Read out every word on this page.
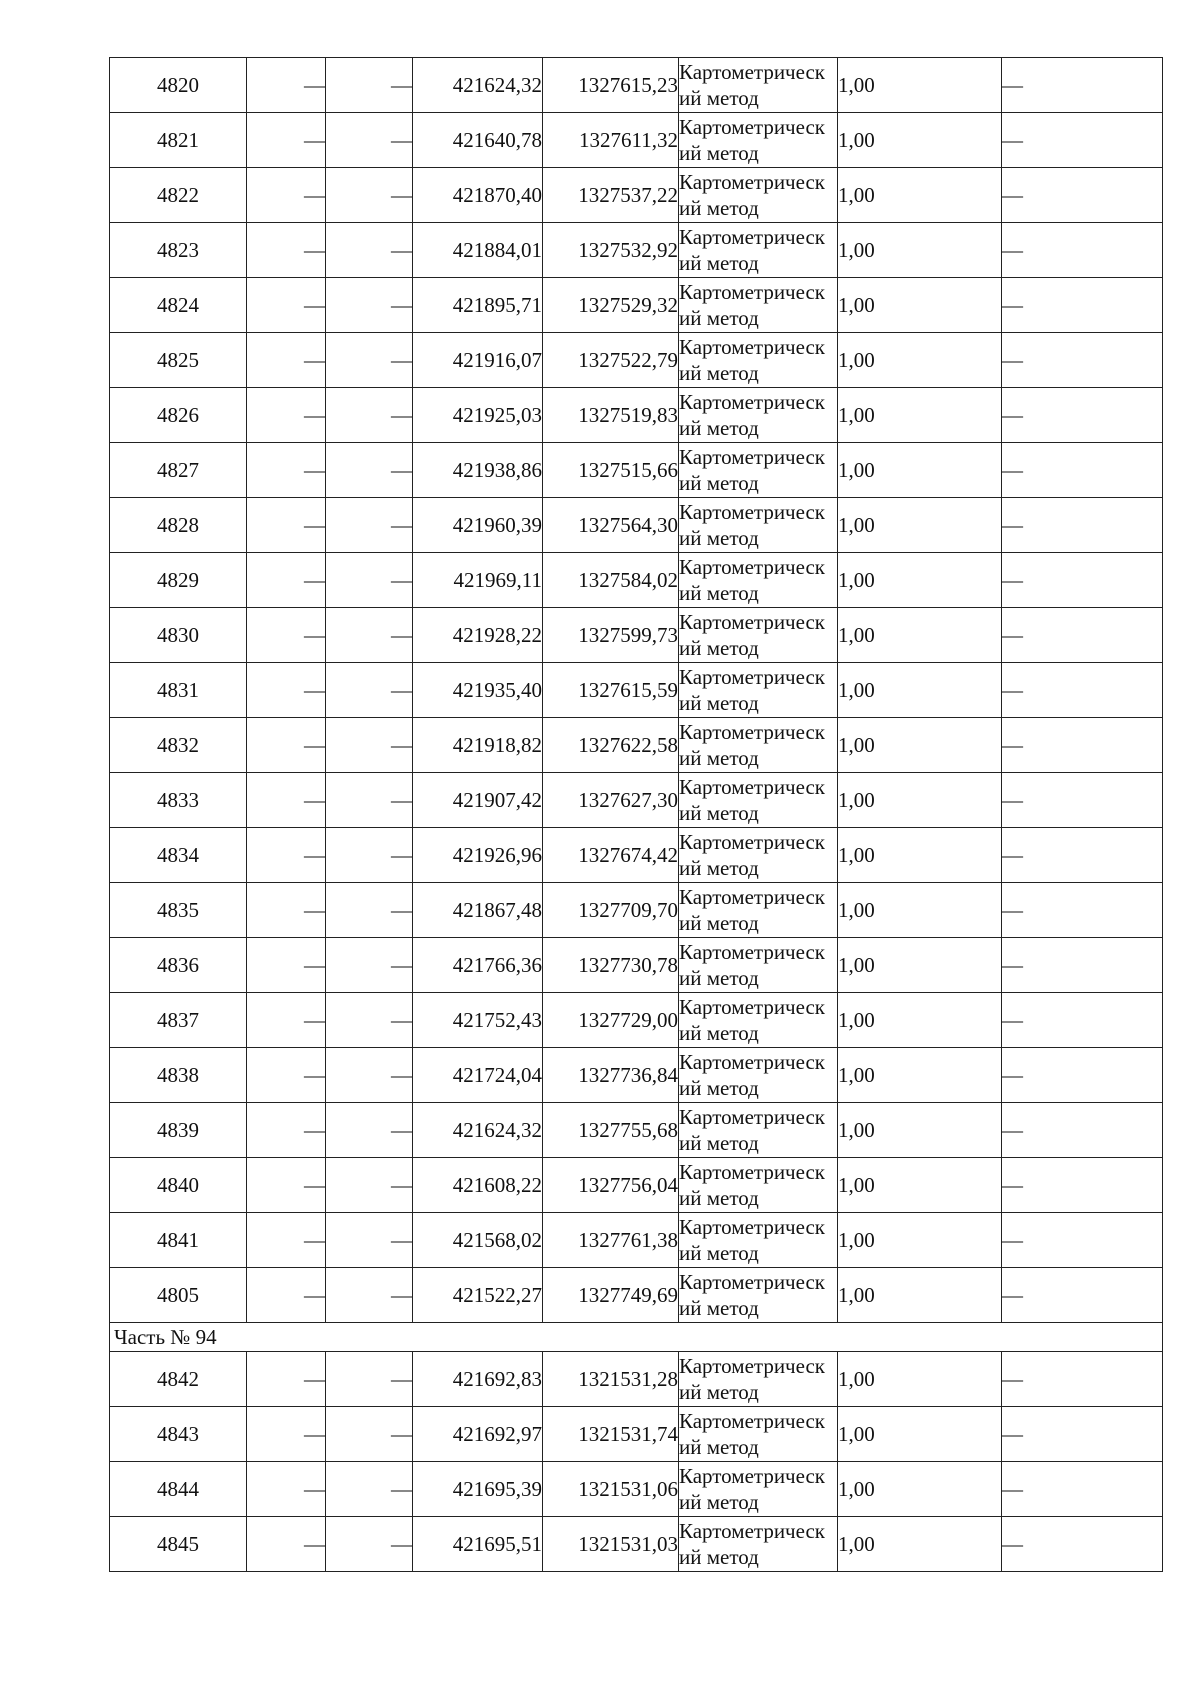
4820	—	—	421624,32	1327615,23	Картометрическ ий метод	1,00	—
4821	—	—	421640,78	1327611,32	Картометрическ ий метод	1,00	—
4822	—	—	421870,40	1327537,22	Картометрическ ий метод	1,00	—
4823	—	—	421884,01	1327532,92	Картометрическ ий метод	1,00	—
4824	—	—	421895,71	1327529,32	Картометрическ ий метод	1,00	—
4825	—	—	421916,07	1327522,79	Картометрическ ий метод	1,00	—
4826	—	—	421925,03	1327519,83	Картометрическ ий метод	1,00	—
4827	—	—	421938,86	1327515,66	Картометрическ ий метод	1,00	—
4828	—	—	421960,39	1327564,30	Картометрическ ий метод	1,00	—
4829	—	—	421969,11	1327584,02	Картометрическ ий метод	1,00	—
4830	—	—	421928,22	1327599,73	Картометрическ ий метод	1,00	—
4831	—	—	421935,40	1327615,59	Картометрическ ий метод	1,00	—
4832	—	—	421918,82	1327622,58	Картометрическ ий метод	1,00	—
4833	—	—	421907,42	1327627,30	Картометрическ ий метод	1,00	—
4834	—	—	421926,96	1327674,42	Картометрическ ий метод	1,00	—
4835	—	—	421867,48	1327709,70	Картометрическ ий метод	1,00	—
4836	—	—	421766,36	1327730,78	Картометрическ ий метод	1,00	—
4837	—	—	421752,43	1327729,00	Картометрическ ий метод	1,00	—
4838	—	—	421724,04	1327736,84	Картометрическ ий метод	1,00	—
4839	—	—	421624,32	1327755,68	Картометрическ ий метод	1,00	—
4840	—	—	421608,22	1327756,04	Картометрическ ий метод	1,00	—
4841	—	—	421568,02	1327761,38	Картометрическ ий метод	1,00	—
4805	—	—	421522,27	1327749,69	Картометрическ ий метод	1,00	—
Часть № 94							
4842	—	—	421692,83	1321531,28	Картометрическ ий метод	1,00	—
4843	—	—	421692,97	1321531,74	Картометрическ ий метод	1,00	—
4844	—	—	421695,39	1321531,06	Картометрическ ий метод	1,00	—
4845	—	—	421695,51	1321531,03	Картометрическ ий метод	1,00	—
